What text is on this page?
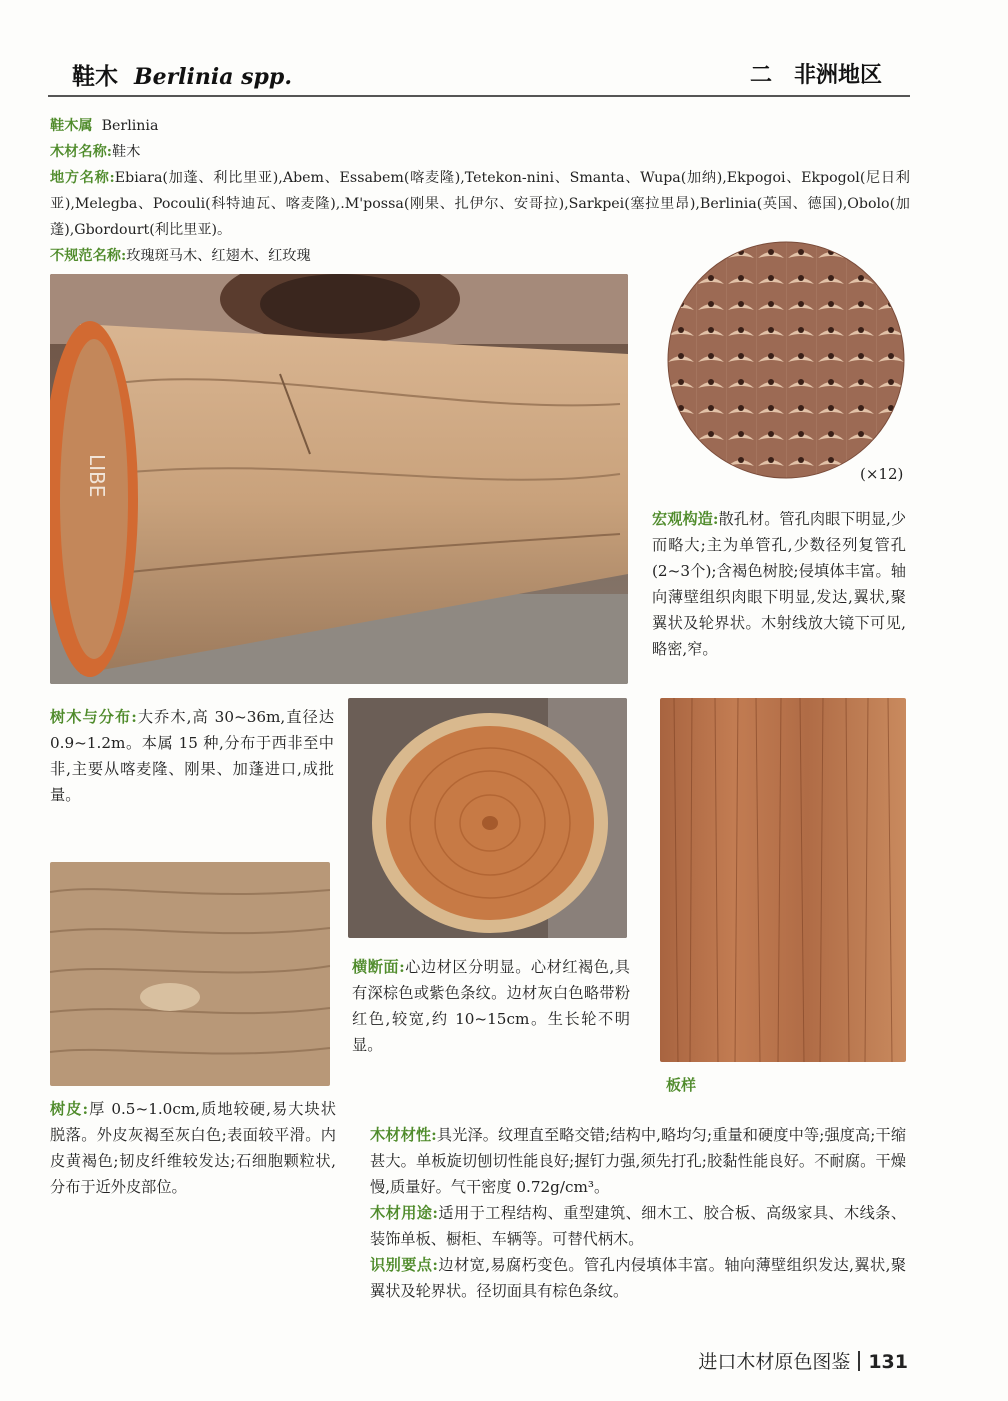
鞋木 Berlinia spp.	二 非洲地区
鞋木属 Berlinia
木材名称:鞋木
地方名称:Ebiara(加蓬、利比里亚),Abem、Essabem(喀麦隆),Tetekon-nini、Smanta、Wupa(加纳),Ekpogoi、Ekpogol(尼日利亚),Melegba、Pocouli(科特迪瓦、喀麦隆),.M'possa(刚果、扎伊尔、安哥拉),Sarkpei(塞拉里昂),Berlinia(英国、德国),Obolo(加蓬),Gbordourt(利比里亚)。
不规范名称:玫瑰斑马木、红翅木、红玫瑰
LIBE	(×12)
宏观构造:散孔材。管孔肉眼下明显,少而略大;主为单管孔,少数径列复管孔(2~3个);含褐色树胶;侵填体丰富。轴向薄壁组织肉眼下明显,发达,翼状,聚翼状及轮界状。木射线放大镜下可见,略密,窄。
树木与分布:大乔木,高 30~36m,直径达 0.9~1.2m。本属 15 种,分布于西非至中非,主要从喀麦隆、刚果、加蓬进口,成批量。
横断面:心边材区分明显。心材红褐色,具有深棕色或紫色条纹。边材灰白色略带粉红色,较宽,约 10~15cm。生长轮不明显。
板样
树皮:厚 0.5~1.0cm,质地较硬,易大块状脱落。外皮灰褐至灰白色;表面较平滑。内皮黄褐色;韧皮纤维较发达;石细胞颗粒状,分布于近外皮部位。
木材材性:具光泽。纹理直至略交错;结构中,略均匀;重量和硬度中等;强度高;干缩甚大。单板旋切刨切性能良好;握钉力强,须先打孔;胶黏性能良好。不耐腐。干燥慢,质量好。气干密度 0.72g/cm³。
木材用途:适用于工程结构、重型建筑、细木工、胶合板、高级家具、木线条、装饰单板、橱柜、车辆等。可替代柄木。
识别要点:边材宽,易腐朽变色。管孔内侵填体丰富。轴向薄壁组织发达,翼状,聚翼状及轮界状。径切面具有棕色条纹。
进口木材原色图鉴 131
